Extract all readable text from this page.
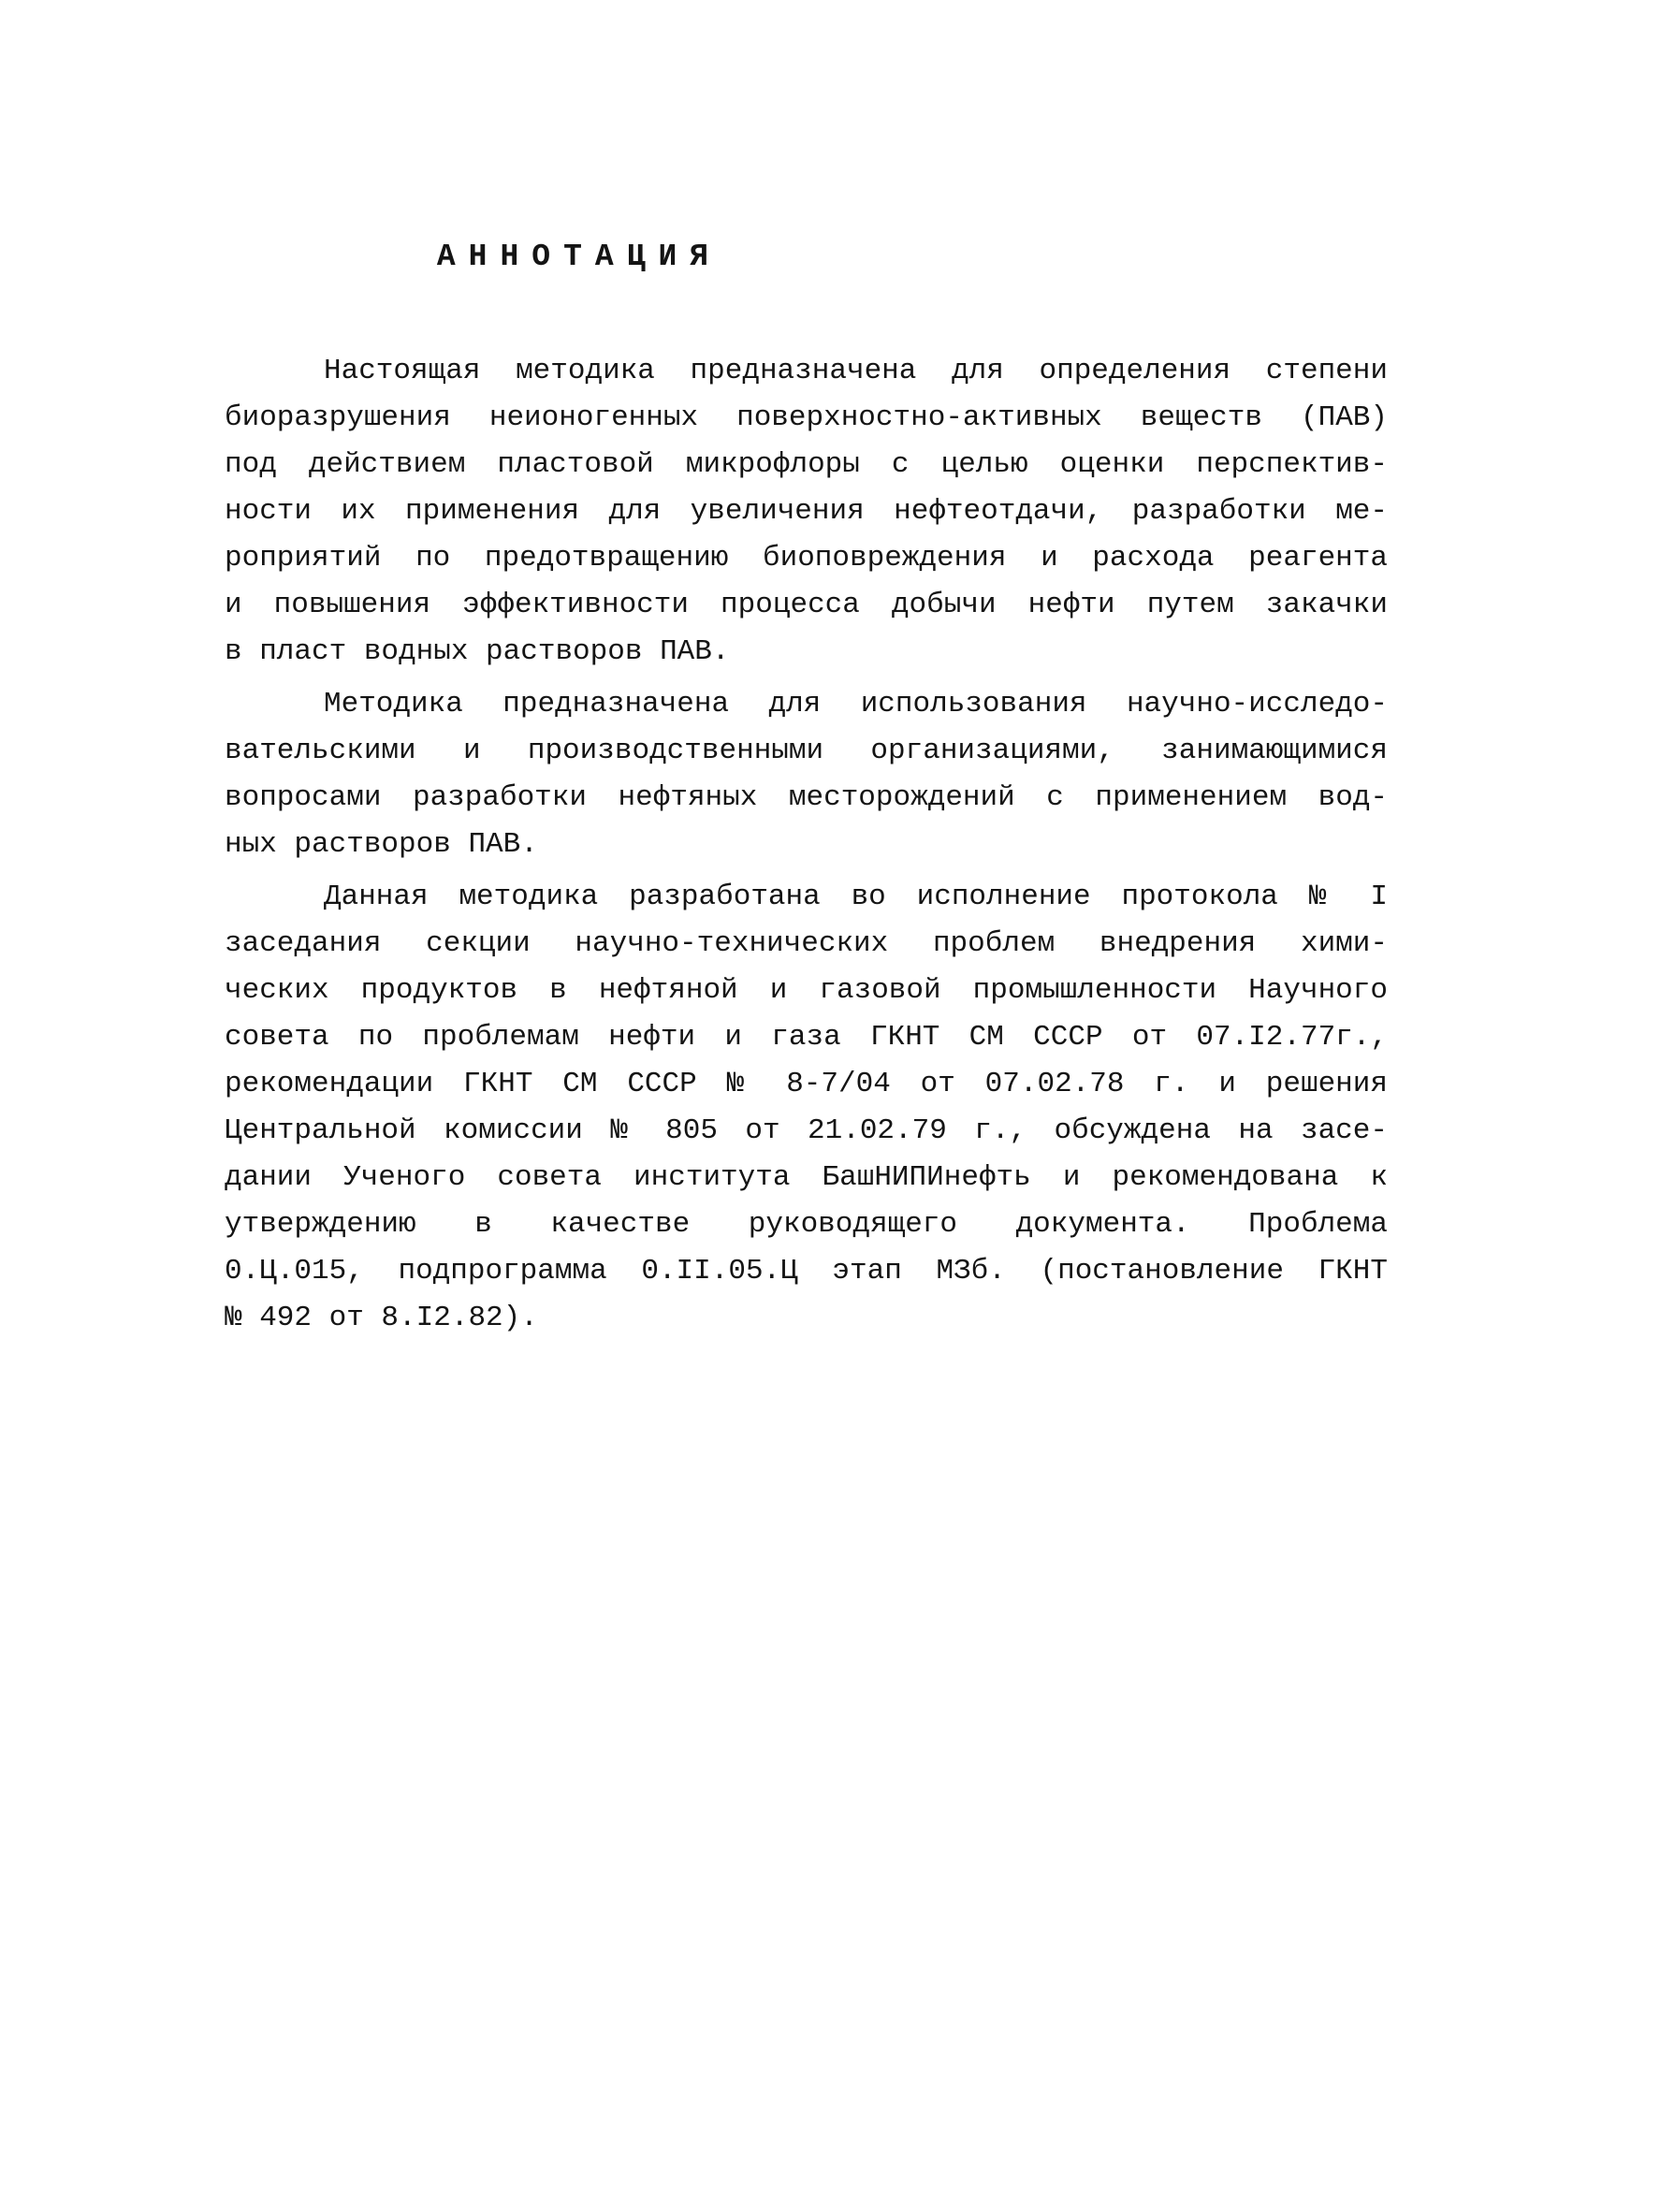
АННОТАЦИЯ
Настоящая методика предназначена для определения степени
биоразрушения неионогенных поверхностно-активных веществ (ПАВ)
под действием пластовой микрофлоры с целью оценки перспектив-
ности их применения для увеличения нефтеотдачи, разработки ме-
роприятий по предотвращению биоповреждения и расхода реагента
и повышения эффективности процесса добычи нефти путем закачки
в пласт водных растворов ПАВ.
Методика предназначена для использования научно-исследо-
вательскими и производственными организациями, занимающимися
вопросами разработки нефтяных месторождений с применением вод-
ных растворов ПАВ.
Данная методика разработана во исполнение протокола № I
заседания секции научно-технических проблем внедрения хими-
ческих продуктов в нефтяной и газовой промышленности Научного
совета по проблемам нефти и газа ГКНТ СМ СССР от 07.I2.77г.,
рекомендации ГКНТ СМ СССР № 8-7/04 от 07.02.78 г. и решения
Центральной комиссии № 805 от 21.02.79 г., обсуждена на засе-
дании Ученого совета института БашНИПИнефть и рекомендована к
утверждению в качестве руководящего документа. Проблема
0.Ц.015, подпрограмма 0.II.05.Ц этап МЗб. (постановление ГКНТ
№ 492 от 8.I2.82).
